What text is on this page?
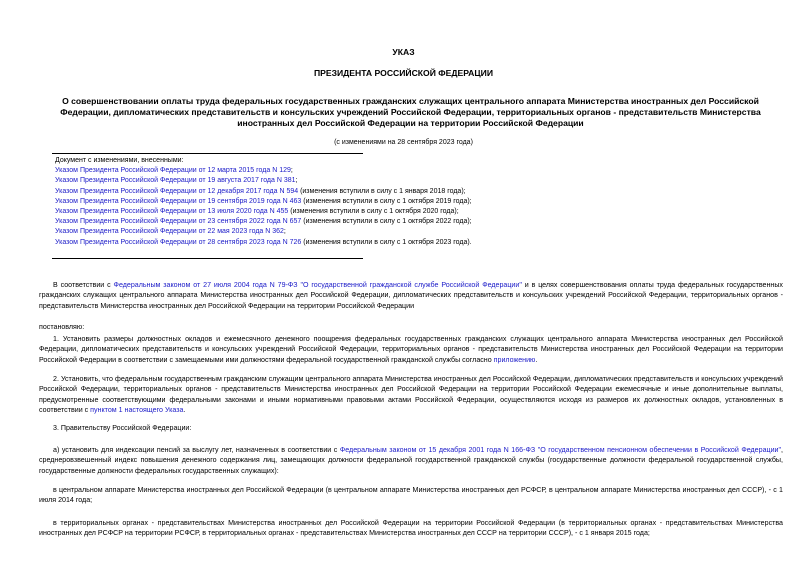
УКАЗ
ПРЕЗИДЕНТА РОССИЙСКОЙ ФЕДЕРАЦИИ
О совершенствовании оплаты труда федеральных государственных гражданских служащих центрального аппарата Министерства иностранных дел Российской Федерации, дипломатических представительств и консульских учреждений Российской Федерации, территориальных органов - представительств Министерства иностранных дел Российской Федерации на территории Российской Федерации
(с изменениями на 28 сентября 2023 года)
Документ с изменениями, внесенными:
Указом Президента Российской Федерации от 12 марта 2015 года N 129;
Указом Президента Российской Федерации от 19 августа 2017 года N 381;
Указом Президента Российской Федерации от 12 декабря 2017 года N 594 (изменения вступили в силу с 1 января 2018 года);
Указом Президента Российской Федерации от 19 сентября 2019 года N 463 (изменения вступили в силу с 1 октября 2019 года);
Указом Президента Российской Федерации от 13 июля 2020 года N 455 (изменения вступили в силу с 1 октября 2020 года);
Указом Президента Российской Федерации от 23 сентября 2022 года N 657 (изменения вступили в силу с 1 октября 2022 года);
Указом Президента Российской Федерации от 22 мая 2023 года N 362;
Указом Президента Российской Федерации от 28 сентября 2023 года N 726 (изменения вступили в силу с 1 октября 2023 года).
В соответствии с Федеральным законом от 27 июля 2004 года N 79-ФЗ "О государственной гражданской службе Российской Федерации" и в целях совершенствования оплаты труда федеральных государственных гражданских служащих центрального аппарата Министерства иностранных дел Российской Федерации, дипломатических представительств и консульских учреждений Российской Федерации, территориальных органов - представительств Министерства иностранных дел Российской Федерации на территории Российской Федерации
постановляю:
1. Установить размеры должностных окладов и ежемесячного денежного поощрения федеральных государственных гражданских служащих центрального аппарата Министерства иностранных дел Российской Федерации, дипломатических представительств и консульских учреждений Российской Федерации, территориальных органов - представительств Министерства иностранных дел Российской Федерации на территории Российской Федерации в соответствии с замещаемыми ими должностями федеральной государственной гражданской службы согласно приложению.
2. Установить, что федеральным государственным гражданским служащим центрального аппарата Министерства иностранных дел Российской Федерации, дипломатических представительств и консульских учреждений Российской Федерации, территориальных органов - представительств Министерства иностранных дел Российской Федерации на территории Российской Федерации ежемесячные и иные дополнительные выплаты, предусмотренные соответствующими федеральными законами и иными нормативными правовыми актами Российской Федерации, осуществляются исходя из размеров их должностных окладов, установленных в соответствии с пунктом 1 настоящего Указа.
3. Правительству Российской Федерации:
а) установить для индексации пенсий за выслугу лет, назначенных в соответствии с Федеральным законом от 15 декабря 2001 года N 166-ФЗ "О государственном пенсионном обеспечении в Российской Федерации", среднеровзвешенный индекс повышения денежного содержания лиц, замещающих должности федеральной государственной гражданской службы (государственные должности федеральной государственной службы, государственные должности федеральных государственных служащих):
в центральном аппарате Министерства иностранных дел Российской Федерации (в центральном аппарате Министерства иностранных дел РСФСР, в центральном аппарате Министерства иностранных дел СССР), - с 1 июля 2014 года;
в территориальных органах - представительствах Министерства иностранных дел Российской Федерации на территории Российской Федерации (в территориальных органах - представительствах Министерства иностранных дел РСФСР на территории РСФСР, в территориальных органах - представительствах Министерства иностранных дел СССР на территории СССР), - с 1 января 2015 года;
